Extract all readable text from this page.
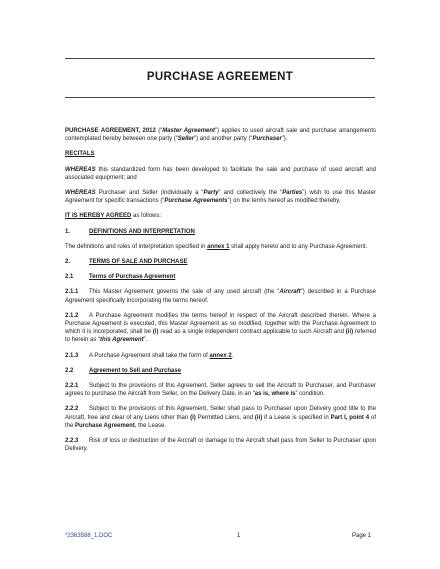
PURCHASE AGREEMENT

PURCHASE AGREEMENT, 2012 (“Master Agreement”) applies to used aircraft sale and purchase arrangements contemplated hereby between one party (“Seller”) and another party (“Purchaser”).

RECITALS

WHEREAS this standardized form has been developed to facilitate the sale and purchase of used aircraft and associated equipment; and

WHEREAS Purchaser and Seller (individually a “Party” and collectively the “Parties”) wish to use this Master Agreement for specific transactions (“Purchase Agreements”) on the terms hereof as modified thereby.

IT IS HEREBY AGREED as follows:

1.	DEFINITIONS AND INTERPRETATION

The definitions and rules of interpretation specified in annex 1 shall apply hereto and to any Purchase Agreement.

2.	TERMS OF SALE AND PURCHASE
2.1	Terms of Purchase Agreement
2.1.1 This Master Agreement governs the sale of any used aircraft (the “Aircraft”) described in a Purchase Agreement specifically incorporating the terms hereof.
2.1.2 A Purchase Agreement modifies the terms hereof in respect of the Aircraft described therein. Where a Purchase Agreement is executed, this Master Agreement as so modified, together with the Purchase Agreement to which it is incorporated, shall be (i) read as a single independent contract applicable to such Aircraft and (ii) referred to herein as “this Agreement”.
2.1.3 A Purchase Agreement shall take the form of annex 2.
2.2	Agreement to Sell and Purchase
2.2.1 Subject to the provisions of this Agreement, Seller agrees to sell the Aircraft to Purchaser, and Purchaser agrees to purchase the Aircraft from Seller, on the Delivery Date, in an “as is, where is” condition.
2.2.2 Subject to the provisions of this Agreement, Seller shall pass to Purchaser upon Delivery good title to the Aircraft, free and clear of any Liens other than (i) Permitted Liens, and (ii) if a Lease is specified in Part I, point 4 of the Purchase Agreement, the Lease.
2.2.3 Risk of loss or destruction of the Aircraft or damage to the Aircraft shall pass from Seller to Purchaser upon Delivery.
*2363588_1.DOC	1	Page 1
